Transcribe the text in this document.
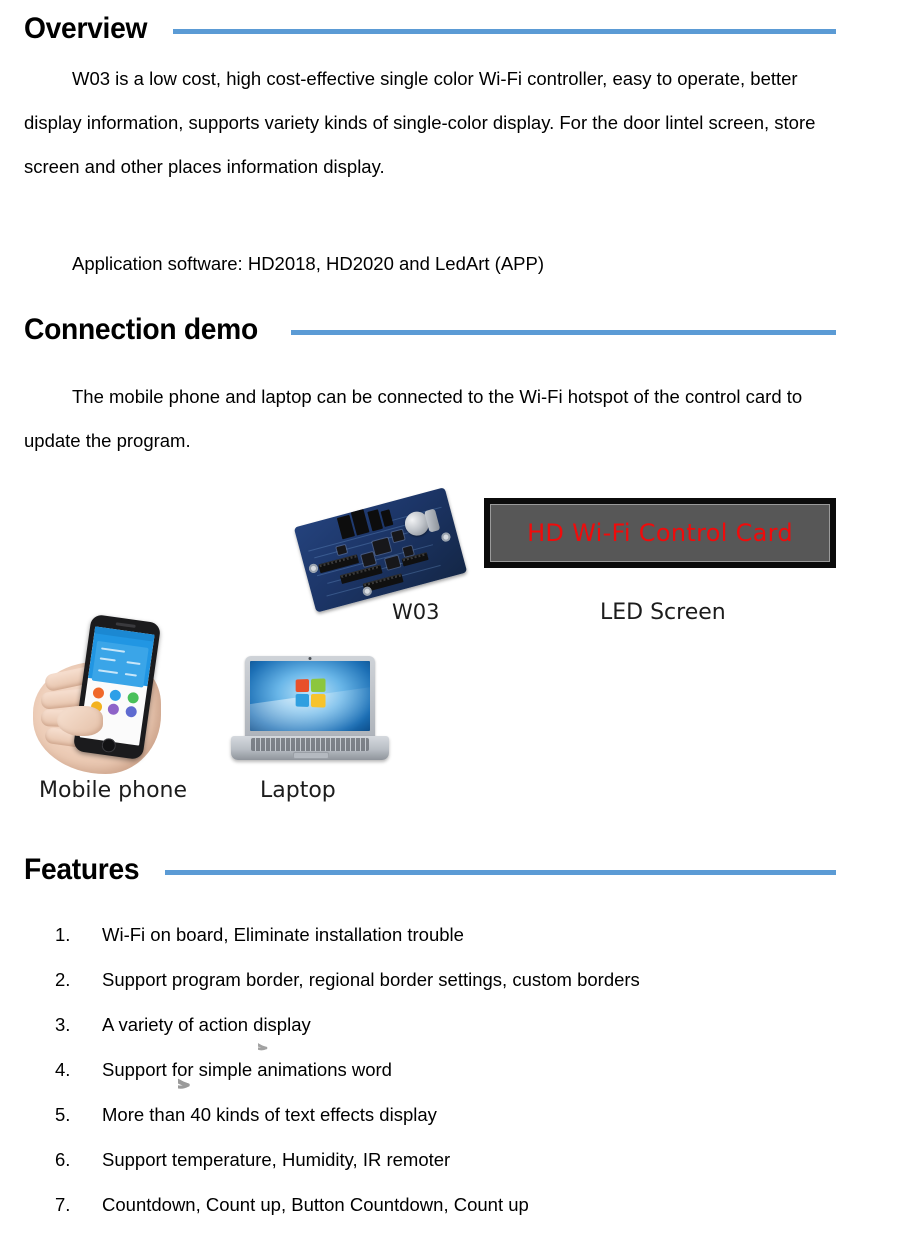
Overview
W03 is a low cost, high cost-effective single color Wi-Fi controller, easy to operate, better display information, supports variety kinds of single-color display. For the door lintel screen, store screen and other places information display.
Application software: HD2018, HD2020 and LedArt (APP)
Connection demo
The mobile phone and laptop can be connected to the Wi-Fi hotspot of the control card to update the program.
HD Wi-Fi Control Card
LED Screen
W03
Laptop
Mobile phone
Features
1.	Wi-Fi on board, Eliminate installation trouble
2.	Support program border, regional border settings, custom borders
3.	A variety of action display
4.	Support for simple animations word
5.	More than 40 kinds of text effects display
6.	Support temperature, Humidity, IR remoter
7.	Countdown, Count up, Button Countdown, Count up
